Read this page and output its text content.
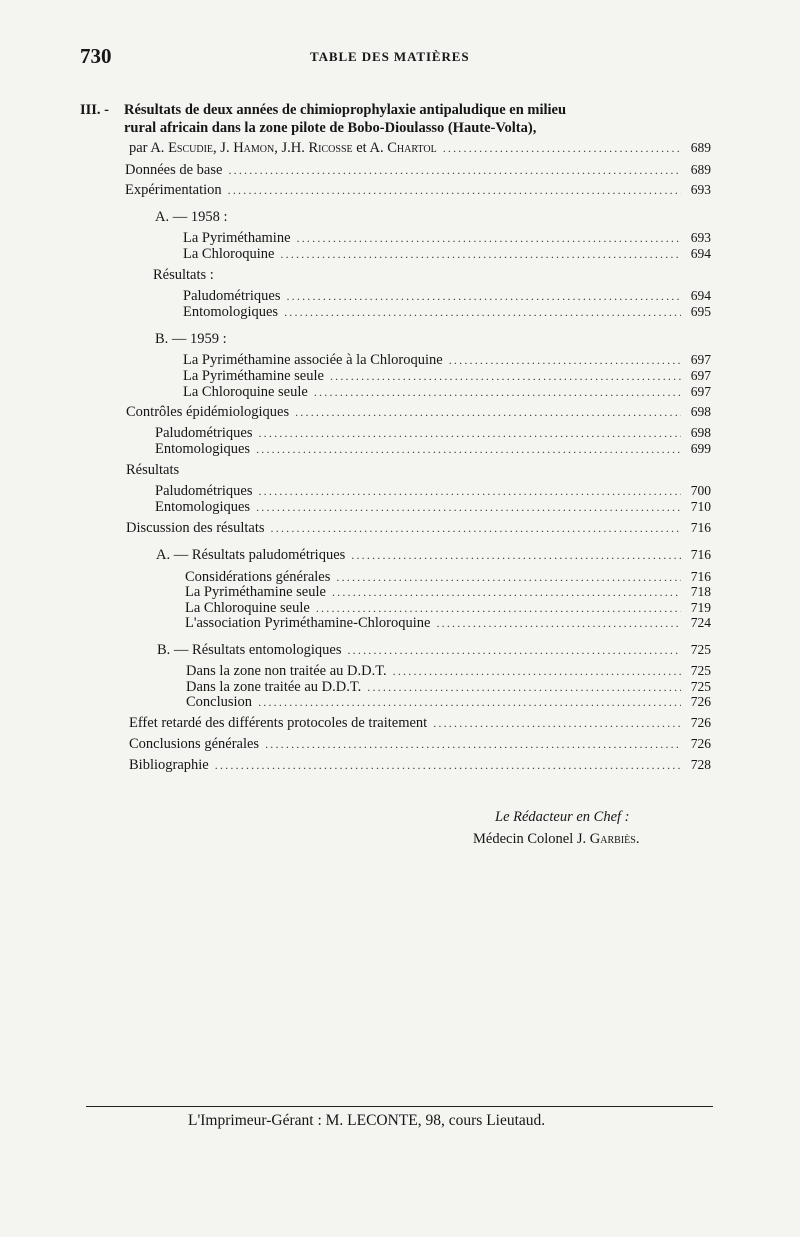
730	TABLE DES MATIÈRES
III. - Résultats de deux années de chimioprophylaxie antipaludique en milieu
rural africain dans la zone pilote de Bobo-Dioulasso (Haute-Volta),
par A. Escudie, J. Hamon, J.H. Ricosse et A. Chartol .....	689
Données de base .....	689
Expérimentation .....	693
A. — 1958 :
La Pyriméthamine .....	693
La Chloroquine .....	694
Résultats :
Paludométriques .....	694
Entomologiques .....	695
B. — 1959 :
La Pyriméthamine associée à la Chloroquine .....	697
La Pyriméthamine seule .....	697
La Chloroquine seule .....	697
Contrôles épidémiologiques .....	698
Paludométriques .....	698
Entomologiques .....	699
Résultats
Paludométriques .....	700
Entomologiques .....	710
Discussion des résultats .....	716
A. — Résultats paludométriques .....	716
Considérations générales .....	716
La Pyriméthamine seule .....	718
La Chloroquine seule .....	719
L'association Pyriméthamine-Chloroquine .....	724
B. — Résultats entomologiques .....	725
Dans la zone non traitée au D.D.T. .....	725
Dans la zone traitée au D.D.T. .....	725
Conclusion .....	726
Effet retardé des différents protocoles de traitement .....	726
Conclusions générales .....	726
Bibliographie .....	728
Le Rédacteur en Chef :
Médecin Colonel J. Garbiès.
L'Imprimeur-Gérant : M. LECONTE, 98, cours Lieutaud.
